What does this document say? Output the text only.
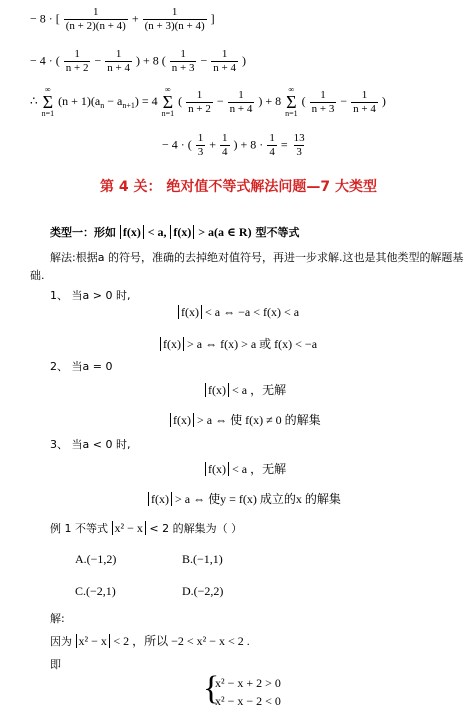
− 8 · [ $\frac{1}{(n + 2)(n + 4)} + \frac{1}{(n + 3)(n + 4)}$ ]
− 4 · ( $\frac{1}{n + 2} - \frac{1}{n + 4}$ ) + 8 ( $\frac{1}{n + 3} - \frac{1}{n + 4}$ )
∴
∞
Σ
n=1
$(n + 1)(a_n - a_{n+1}) = 4$
∞
Σ
n=1
( $\frac{1}{n + 2} - \frac{1}{n + 4}$ ) + 8
∞
Σ
n=1
( $\frac{1}{n + 3} - \frac{1}{n + 4}$ )
− 4 · ( $\frac{1}{3} + \frac{1}{4}$ ) + $8 \cdot \frac{1}{4} = \frac{13}{3}$
第 4 关： 绝对值不等式解法问题—7 大类型
类型一：形如 f(x) < a, f(x) > a(a ∈ R) 型不等式
解法:根据a 的符号，准确的去掉绝对值符号，再进一步求解.这也是其他类型的解题基
础.
1、 当a > 0 时,
f(x) < a ⇔ −a < f(x) < a
f(x) > a ⇔ f(x) > a 或 f(x) < −a
2、 当a = 0
f(x) < a ，无解
f(x) > a ⇔ 使 f(x) ≠ 0 的解集
3、 当a < 0 时,
f(x) < a ，无解
f(x) > a ⇔ 使y = f(x) 成立的x 的解集
例 1 不等式 x² − x < 2 的解集为（ ）
A.(−1,2)	B.(−1,1)
C.(−2,1)	D.(−2,2)
解:
因为 x² − x < 2 ，所以 −2 < x² − x < 2 .
即
{
x² − x + 2 > 0
x² − x − 2 < 0
